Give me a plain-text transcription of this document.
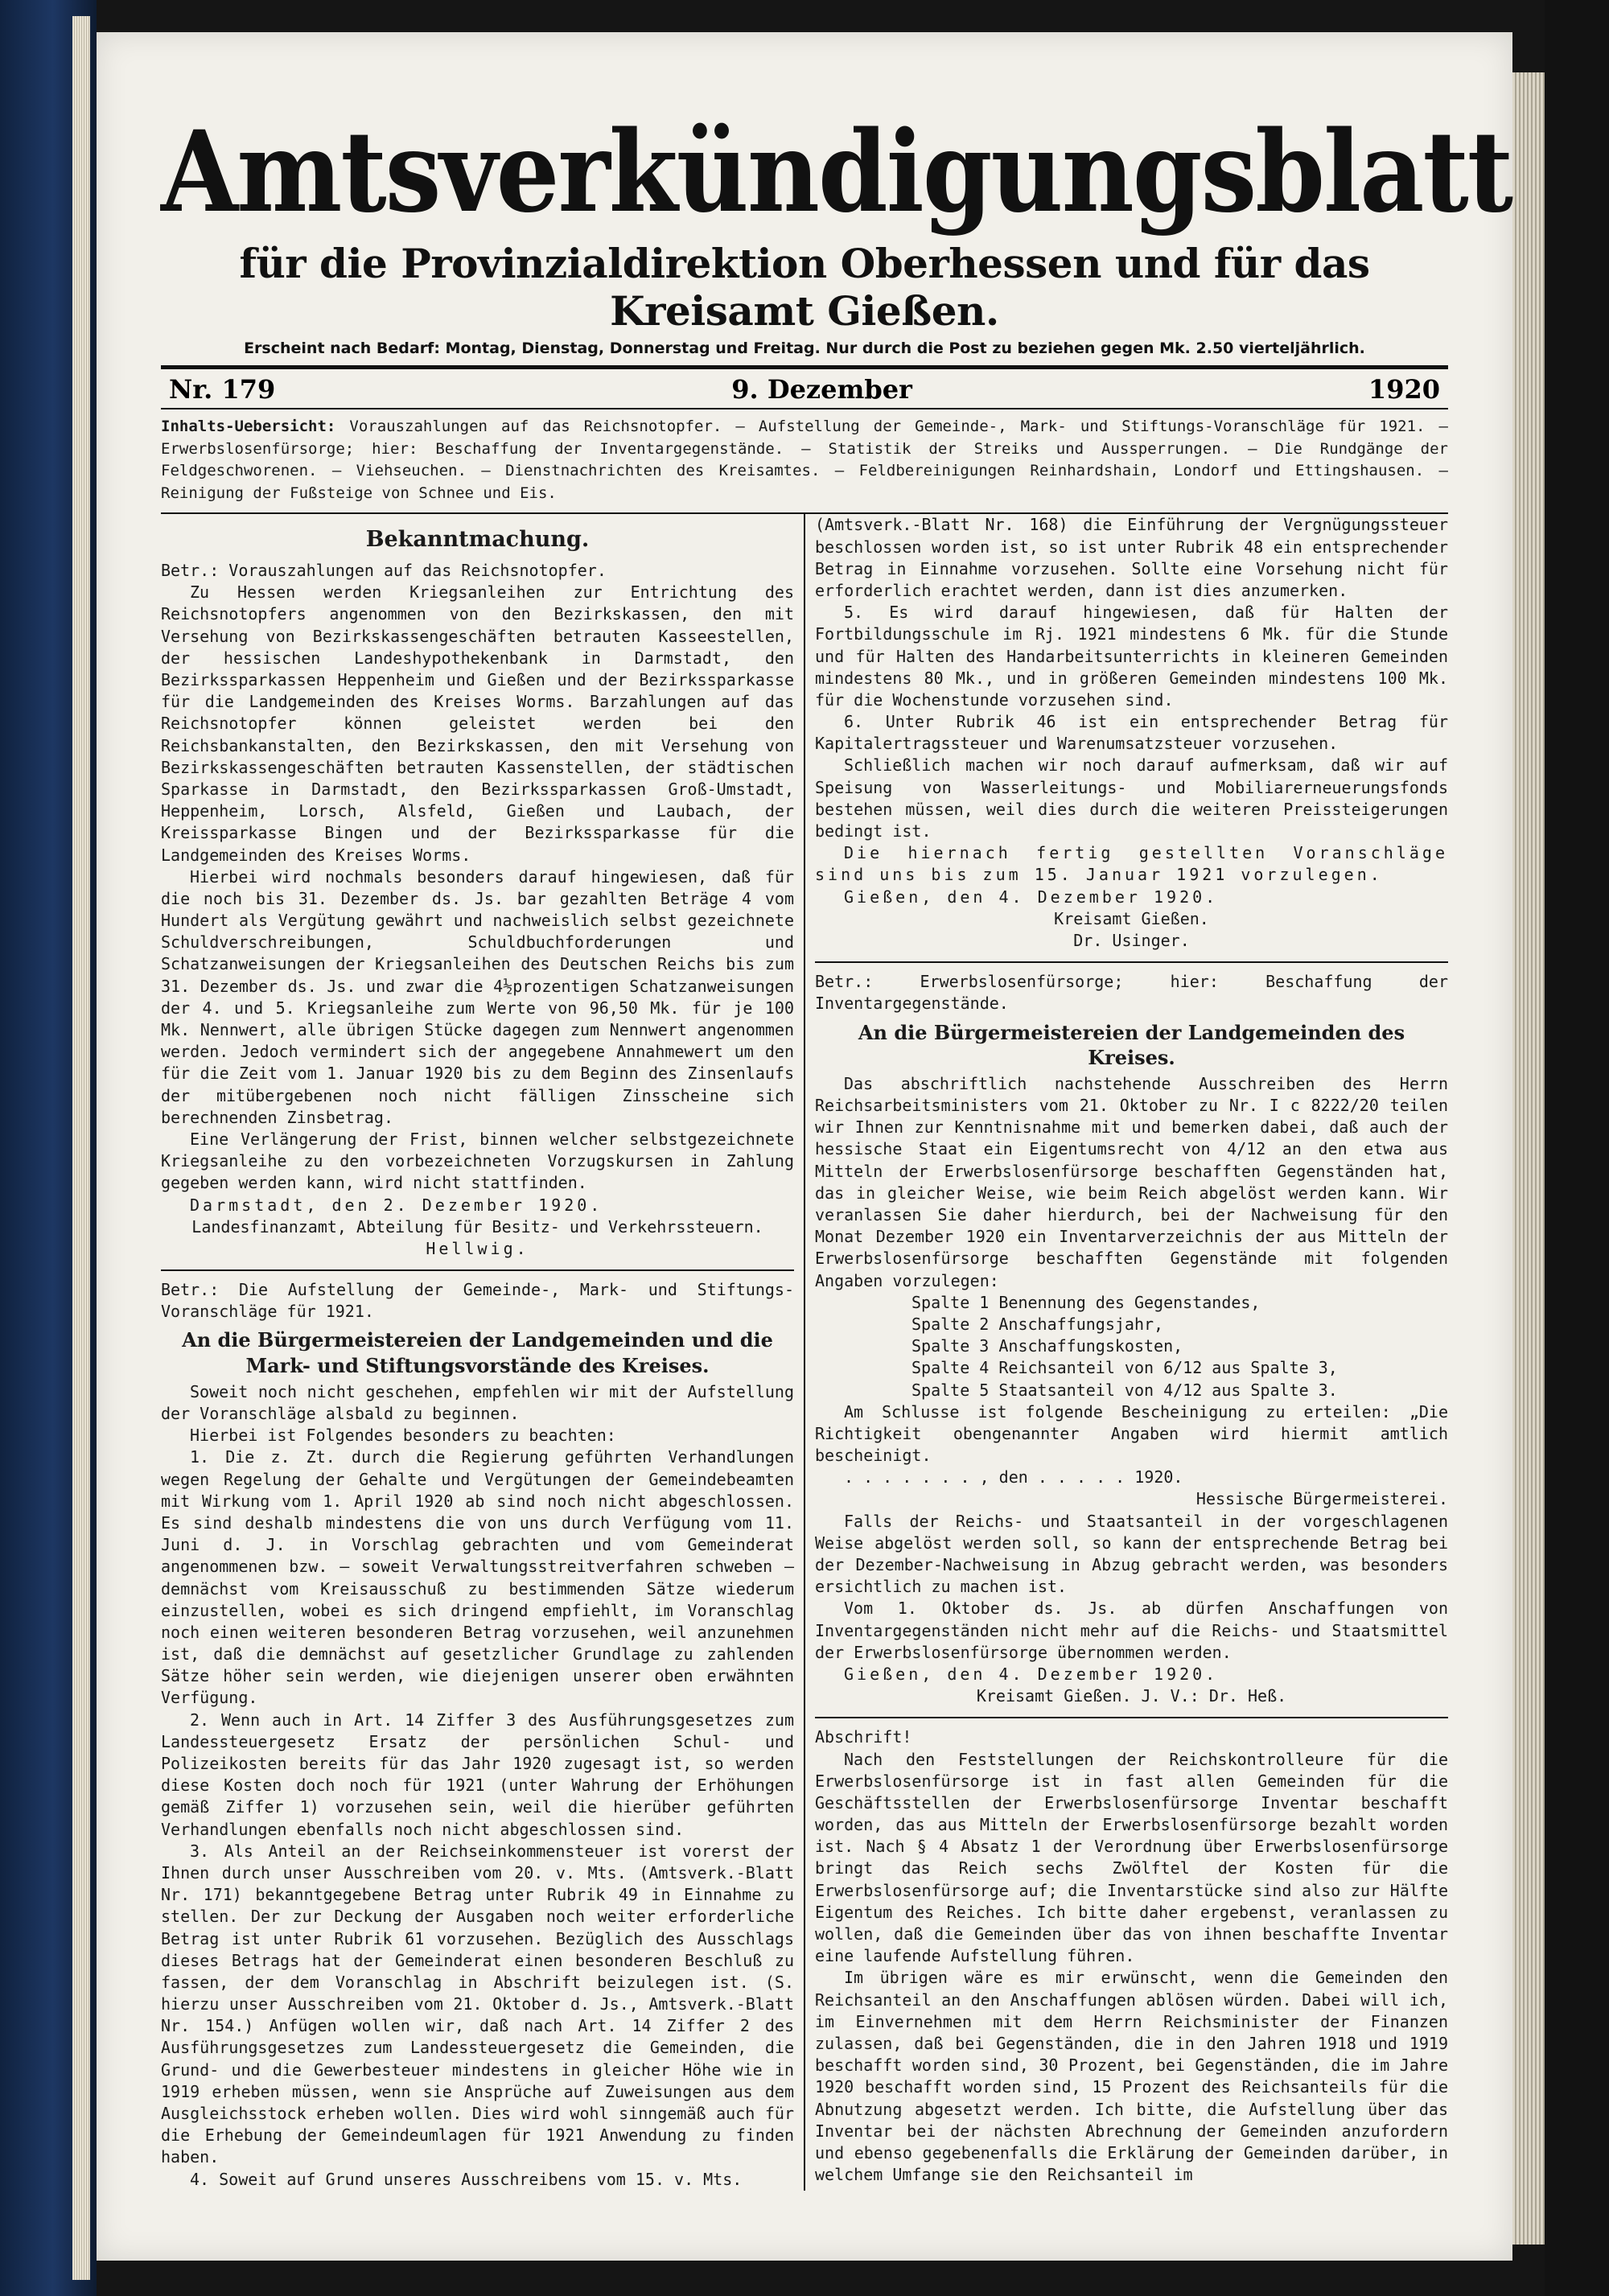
Amtsverkündigungsblatt
für die Provinzialdirektion Oberhessen und für das Kreisamt Gießen.
Erscheint nach Bedarf: Montag, Dienstag, Donnerstag und Freitag. Nur durch die Post zu beziehen gegen Mk. 2.50 vierteljährlich.
Nr. 179	9. Dezember	1920
Inhalts-Uebersicht: Vorauszahlungen auf das Reichsnotopfer. – Aufstellung der Gemeinde-, Mark- und Stiftungs-Voranschläge für 1921. – Erwerbslosenfürsorge; hier: Beschaffung der Inventargegenstände. – Statistik der Streiks und Aussperrungen. – Die Rundgänge der Feldgeschworenen. – Viehseuchen. – Dienstnachrichten des Kreisamtes. – Feldbereinigungen Reinhardshain, Londorf und Ettingshausen. – Reinigung der Fußsteige von Schnee und Eis.
Bekanntmachung.

Betr.: Vorauszahlungen auf das Reichsnotopfer.

Zu Hessen werden Kriegsanleihen zur Entrichtung des Reichsnotopfers angenommen von den Bezirkskassen, den mit Versehung von Bezirkskassengeschäften betrauten Kasseestellen, der hessischen Landeshypothekenbank in Darmstadt, den Bezirkssparkassen Heppenheim und Gießen und der Bezirkssparkasse für die Landgemeinden des Kreises Worms. Barzahlungen auf das Reichsnotopfer können geleistet werden bei den Reichsbankanstalten, den Bezirkskassen, den mit Versehung von Bezirkskassengeschäften betrauten Kassenstellen, der städtischen Sparkasse in Darmstadt, den Bezirkssparkassen Groß-Umstadt, Heppenheim, Lorsch, Alsfeld, Gießen und Laubach, der Kreissparkasse Bingen und der Bezirkssparkasse für die Landgemeinden des Kreises Worms.

Hierbei wird nochmals besonders darauf hingewiesen, daß für die noch bis 31. Dezember ds. Js. bar gezahlten Beträge 4 vom Hundert als Vergütung gewährt und nachweislich selbst gezeichnete Schuldverschreibungen, Schuldbuchforderungen und Schatzanweisungen der Kriegsanleihen des Deutschen Reichs bis zum 31. Dezember ds. Js. und zwar die 4½prozentigen Schatzanweisungen der 4. und 5. Kriegsanleihe zum Werte von 96,50 Mk. für je 100 Mk. Nennwert, alle übrigen Stücke dagegen zum Nennwert angenommen werden. Jedoch vermindert sich der angegebene Annahmewert um den für die Zeit vom 1. Januar 1920 bis zu dem Beginn des Zinsenlaufs der mitübergebenen noch nicht fälligen Zinsscheine sich berechnenden Zinsbetrag.

Eine Verlängerung der Frist, binnen welcher selbstgezeichnete Kriegsanleihe zu den vorbezeichneten Vorzugskursen in Zahlung gegeben werden kann, wird nicht stattfinden.

Darmstadt, den 2. Dezember 1920.

Landesfinanzamt, Abteilung für Besitz- und Verkehrssteuern.

Hellwig.

Betr.: Die Aufstellung der Gemeinde-, Mark- und Stiftungs-Voranschläge für 1921.

An die Bürgermeistereien der Landgemeinden und die Mark- und Stiftungsvorstände des Kreises.

Soweit noch nicht geschehen, empfehlen wir mit der Aufstellung der Voranschläge alsbald zu beginnen.

Hierbei ist Folgendes besonders zu beachten:

1. Die z. Zt. durch die Regierung geführten Verhandlungen wegen Regelung der Gehalte und Vergütungen der Gemeindebeamten mit Wirkung vom 1. April 1920 ab sind noch nicht abgeschlossen. Es sind deshalb mindestens die von uns durch Verfügung vom 11. Juni d. J. in Vorschlag gebrachten und vom Gemeinderat angenommenen bzw. – soweit Verwaltungsstreitverfahren schweben – demnächst vom Kreisausschuß zu bestimmenden Sätze wiederum einzustellen, wobei es sich dringend empfiehlt, im Voranschlag noch einen weiteren besonderen Betrag vorzusehen, weil anzunehmen ist, daß die demnächst auf gesetzlicher Grundlage zu zahlenden Sätze höher sein werden, wie diejenigen unserer oben erwähnten Verfügung.

2. Wenn auch in Art. 14 Ziffer 3 des Ausführungsgesetzes zum Landessteuergesetz Ersatz der persönlichen Schul- und Polizeikosten bereits für das Jahr 1920 zugesagt ist, so werden diese Kosten doch noch für 1921 (unter Wahrung der Erhöhungen gemäß Ziffer 1) vorzusehen sein, weil die hierüber geführten Verhandlungen ebenfalls noch nicht abgeschlossen sind.

3. Als Anteil an der Reichseinkommensteuer ist vorerst der Ihnen durch unser Ausschreiben vom 20. v. Mts. (Amtsverk.-Blatt Nr. 171) bekanntgegebene Betrag unter Rubrik 49 in Einnahme zu stellen. Der zur Deckung der Ausgaben noch weiter erforderliche Betrag ist unter Rubrik 61 vorzusehen. Bezüglich des Ausschlags dieses Betrags hat der Gemeinderat einen besonderen Beschluß zu fassen, der dem Voranschlag in Abschrift beizulegen ist. (S. hierzu unser Ausschreiben vom 21. Oktober d. Js., Amtsverk.-Blatt Nr. 154.) Anfügen wollen wir, daß nach Art. 14 Ziffer 2 des Ausführungsgesetzes zum Landessteuergesetz die Gemeinden, die Grund- und die Gewerbesteuer mindestens in gleicher Höhe wie in 1919 erheben müssen, wenn sie Ansprüche auf Zuweisungen aus dem Ausgleichsstock erheben wollen. Dies wird wohl sinngemäß auch für die Erhebung der Gemeindeumlagen für 1921 Anwendung zu finden haben.

4. Soweit auf Grund unseres Ausschreibens vom 15. v. Mts.

(Amtsverk.-Blatt Nr. 168) die Einführung der Vergnügungssteuer beschlossen worden ist, so ist unter Rubrik 48 ein entsprechender Betrag in Einnahme vorzusehen. Sollte eine Vorsehung nicht für erforderlich erachtet werden, dann ist dies anzumerken.

5. Es wird darauf hingewiesen, daß für Halten der Fortbildungsschule im Rj. 1921 mindestens 6 Mk. für die Stunde und für Halten des Handarbeitsunterrichts in kleineren Gemeinden mindestens 80 Mk., und in größeren Gemeinden mindestens 100 Mk. für die Wochenstunde vorzusehen sind.

6. Unter Rubrik 46 ist ein entsprechender Betrag für Kapitalertragssteuer und Warenumsatzsteuer vorzusehen.

Schließlich machen wir noch darauf aufmerksam, daß wir auf Speisung von Wasserleitungs- und Mobiliarerneuerungsfonds bestehen müssen, weil dies durch die weiteren Preissteigerungen bedingt ist.

Die hiernach fertig gestellten Voranschläge sind uns bis zum 15. Januar 1921 vorzulegen.

Gießen, den 4. Dezember 1920.

Kreisamt Gießen.

Dr. Usinger.

Betr.: Erwerbslosenfürsorge; hier: Beschaffung der Inventargegenstände.

An die Bürgermeistereien der Landgemeinden des Kreises.

Das abschriftlich nachstehende Ausschreiben des Herrn Reichsarbeitsministers vom 21. Oktober zu Nr. I c 8222/20 teilen wir Ihnen zur Kenntnisnahme mit und bemerken dabei, daß auch der hessische Staat ein Eigentumsrecht von 4/12 an den etwa aus Mitteln der Erwerbslosenfürsorge beschafften Gegenständen hat, das in gleicher Weise, wie beim Reich abgelöst werden kann. Wir veranlassen Sie daher hierdurch, bei der Nachweisung für den Monat Dezember 1920 ein Inventarverzeichnis der aus Mitteln der Erwerbslosenfürsorge beschafften Gegenstände mit folgenden Angaben vorzulegen:

Spalte 1 Benennung des Gegenstandes,

Spalte 2 Anschaffungsjahr,

Spalte 3 Anschaffungskosten,

Spalte 4 Reichsanteil von 6/12 aus Spalte 3,

Spalte 5 Staatsanteil von 4/12 aus Spalte 3.

Am Schlusse ist folgende Bescheinigung zu erteilen: „Die Richtigkeit obengenannter Angaben wird hiermit amtlich bescheinigt.

. . . . . . . , den . . . . . 1920.

Hessische Bürgermeisterei.

Falls der Reichs- und Staatsanteil in der vorgeschlagenen Weise abgelöst werden soll, so kann der entsprechende Betrag bei der Dezember-Nachweisung in Abzug gebracht werden, was besonders ersichtlich zu machen ist.

Vom 1. Oktober ds. Js. ab dürfen Anschaffungen von Inventargegenständen nicht mehr auf die Reichs- und Staatsmittel der Erwerbslosenfürsorge übernommen werden.

Gießen, den 4. Dezember 1920.

Kreisamt Gießen. J. V.: Dr. Heß.

Abschrift!

Nach den Feststellungen der Reichskontrolleure für die Erwerbslosenfürsorge ist in fast allen Gemeinden für die Geschäftsstellen der Erwerbslosenfürsorge Inventar beschafft worden, das aus Mitteln der Erwerbslosenfürsorge bezahlt worden ist. Nach § 4 Absatz 1 der Verordnung über Erwerbslosenfürsorge bringt das Reich sechs Zwölftel der Kosten für die Erwerbslosenfürsorge auf; die Inventarstücke sind also zur Hälfte Eigentum des Reiches. Ich bitte daher ergebenst, veranlassen zu wollen, daß die Gemeinden über das von ihnen beschaffte Inventar eine laufende Aufstellung führen.

Im übrigen wäre es mir erwünscht, wenn die Gemeinden den Reichsanteil an den Anschaffungen ablösen würden. Dabei will ich, im Einvernehmen mit dem Herrn Reichsminister der Finanzen zulassen, daß bei Gegenständen, die in den Jahren 1918 und 1919 beschafft worden sind, 30 Prozent, bei Gegenständen, die im Jahre 1920 beschafft worden sind, 15 Prozent des Reichsanteils für die Abnutzung abgesetzt werden. Ich bitte, die Aufstellung über das Inventar bei der nächsten Abrechnung der Gemeinden anzufordern und ebenso gegebenenfalls die Erklärung der Gemeinden darüber, in welchem Umfange sie den Reichsanteil im
